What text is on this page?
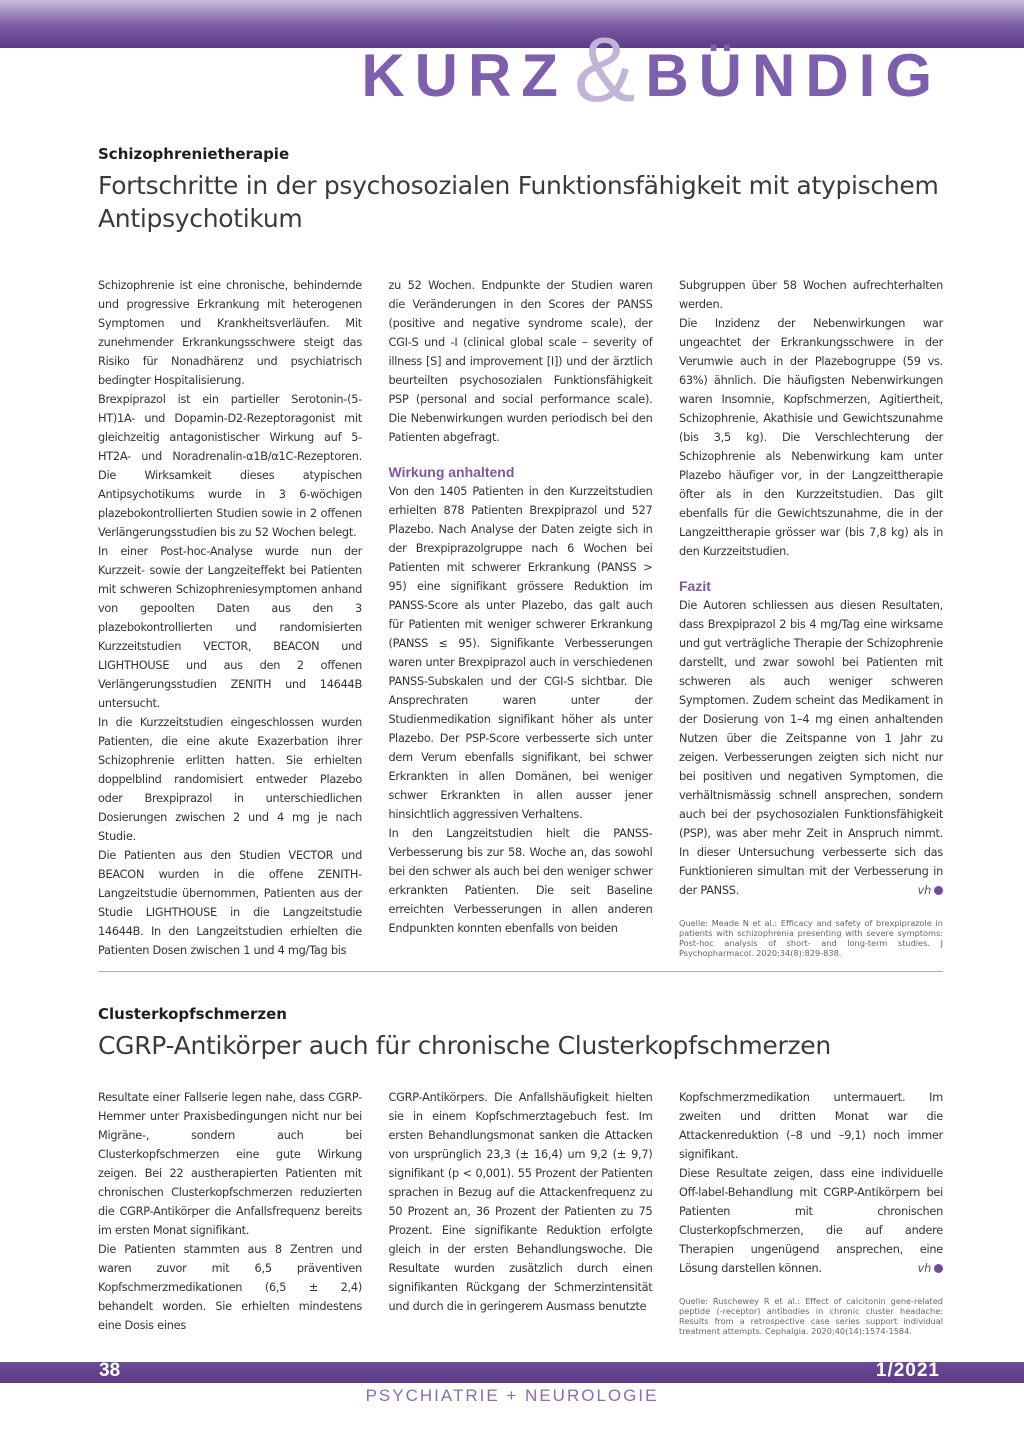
KURZ & BÜNDIG
Schizophrenietherapie
Fortschritte in der psychosozialen Funktionsfähigkeit mit atypischem Antipsychotikum

Schizophrenie ist eine chronische, behindernde und progressive Erkrankung mit heterogenen Symptomen und Krankheitsverläufen. Mit zunehmender Erkrankungsschwere steigt das Risiko für Nonadhärenz und psychiatrisch bedingter Hospitalisierung.

Brexpiprazol ist ein partieller Serotonin-(5-HT)1A- und Dopamin-D2-Rezeptoragonist mit gleichzeitig antagonistischer Wirkung auf 5-HT2A- und Noradrenalin-α1B/α1C-Rezeptoren. Die Wirksamkeit dieses atypischen Antipsychotikums wurde in 3 6-wöchigen plazebokontrollierten Studien sowie in 2 offenen Verlängerungsstudien bis zu 52 Wochen belegt.

In einer Post-hoc-Analyse wurde nun der Kurzzeit- sowie der Langzeiteffekt bei Patienten mit schweren Schizophreniesymptomen anhand von gepoolten Daten aus den 3 plazebokontrollierten und randomisierten Kurzzeitstudien VECTOR, BEACON und LIGHTHOUSE und aus den 2 offenen Verlängerungsstudien ZENITH und 14644B untersucht.

In die Kurzzeitstudien eingeschlossen wurden Patienten, die eine akute Exazerbation ihrer Schizophrenie erlitten hatten. Sie erhielten doppelblind randomisiert entweder Plazebo oder Brexpiprazol in unterschiedlichen Dosierungen zwischen 2 und 4 mg je nach Studie.

Die Patienten aus den Studien VECTOR und BEACON wurden in die offene ZENITH-Langzeitstudie übernommen, Patienten aus der Studie LIGHTHOUSE in die Langzeitstudie 14644B. In den Langzeitstudien erhielten die Patienten Dosen zwischen 1 und 4 mg/Tag bis

zu 52 Wochen. Endpunkte der Studien waren die Veränderungen in den Scores der PANSS (positive and negative syndrome scale), der CGI-S und -I (clinical global scale – severity of illness [S] and improvement [I]) und der ärztlich beurteilten psychosozialen Funktionsfähigkeit PSP (personal and social performance scale). Die Nebenwirkungen wurden periodisch bei den Patienten abgefragt.

Wirkung anhaltend

Von den 1405 Patienten in den Kurzzeitstudien erhielten 878 Patienten Brexpiprazol und 527 Plazebo. Nach Analyse der Daten zeigte sich in der Brexpiprazolgruppe nach 6 Wochen bei Patienten mit schwerer Erkrankung (PANSS > 95) eine signifikant grössere Reduktion im PANSS-Score als unter Plazebo, das galt auch für Patienten mit weniger schwerer Erkrankung (PANSS ≤ 95). Signifikante Verbesserungen waren unter Brexpiprazol auch in verschiedenen PANSS-Subskalen und der CGI-S sichtbar. Die Ansprechraten waren unter der Studienmedikation signifikant höher als unter Plazebo. Der PSP-Score verbesserte sich unter dem Verum ebenfalls signifikant, bei schwer Erkrankten in allen Domänen, bei weniger schwer Erkrankten in allen ausser jener hinsichtlich aggressiven Verhaltens.

In den Langzeitstudien hielt die PANSS-Verbesserung bis zur 58. Woche an, das sowohl bei den schwer als auch bei den weniger schwer erkrankten Patienten. Die seit Baseline erreichten Verbesserungen in allen anderen Endpunkten konnten ebenfalls von beiden

Subgruppen über 58 Wochen aufrechterhalten werden.

Die Inzidenz der Nebenwirkungen war ungeachtet der Erkrankungsschwere in der Verumwie auch in der Plazebogruppe (59 vs. 63%) ähnlich. Die häufigsten Nebenwirkungen waren Insomnie, Kopfschmerzen, Agitiertheit, Schizophrenie, Akathisie und Gewichtszunahme (bis 3,5 kg). Die Verschlechterung der Schizophrenie als Nebenwirkung kam unter Plazebo häufiger vor, in der Langzeittherapie öfter als in den Kurzzeitstudien. Das gilt ebenfalls für die Gewichtszunahme, die in der Langzeittherapie grösser war (bis 7,8 kg) als in den Kurzzeitstudien.

Fazit

Die Autoren schliessen aus diesen Resultaten, dass Brexpiprazol 2 bis 4 mg/Tag eine wirksame und gut verträgliche Therapie der Schizophrenie darstellt, und zwar sowohl bei Patienten mit schweren als auch weniger schweren Symptomen. Zudem scheint das Medikament in der Dosierung von 1–4 mg einen anhaltenden Nutzen über die Zeitspanne von 1 Jahr zu zeigen. Verbesserungen zeigten sich nicht nur bei positiven und negativen Symptomen, die verhältnismässig schnell ansprechen, sondern auch bei der psychosozialen Funktionsfähigkeit (PSP), was aber mehr Zeit in Anspruch nimmt. In dieser Untersuchung verbesserte sich das Funktionieren simultan mit der Verbesserung in der PANSS.	vh

Quelle: Meade N et al.: Efficacy and safety of brexpiprazole in patients with schizophrenia presenting with severe symptoms: Post-hoc analysis of short- and long-term studies. J Psychopharmacol. 2020;34(8):829-838.
Clusterkopfschmerzen
CGRP-Antikörper auch für chronische Clusterkopfschmerzen

Resultate einer Fallserie legen nahe, dass CGRP-Hemmer unter Praxisbedingungen nicht nur bei Migräne-, sondern auch bei Clusterkopfschmerzen eine gute Wirkung zeigen. Bei 22 austherapierten Patienten mit chronischen Clusterkopfschmerzen reduzierten die CGRP-Antikörper die Anfallsfrequenz bereits im ersten Monat signifikant.

Die Patienten stammten aus 8 Zentren und waren zuvor mit 6,5 präventiven Kopfschmerzmedikationen (6,5 ± 2,4) behandelt worden. Sie erhielten mindestens eine Dosis eines

CGRP-Antikörpers. Die Anfallshäufigkeit hielten sie in einem Kopfschmerztagebuch fest. Im ersten Behandlungsmonat sanken die Attacken von ursprünglich 23,3 (± 16,4) um 9,2 (± 9,7) signifikant (p < 0,001). 55 Prozent der Patienten sprachen in Bezug auf die Attackenfrequenz zu 50 Prozent an, 36 Prozent der Patienten zu 75 Prozent. Eine signifikante Reduktion erfolgte gleich in der ersten Behandlungswoche. Die Resultate wurden zusätzlich durch einen signifikanten Rückgang der Schmerzintensität und durch die in geringerem Ausmass benutzte

Kopfschmerzmedikation untermauert. Im zweiten und dritten Monat war die Attackenreduktion (–8 und –9,1) noch immer signifikant.

Diese Resultate zeigen, dass eine individuelle Off-label-Behandlung mit CGRP-Antikörpern bei Patienten mit chronischen Clusterkopfschmerzen, die auf andere Therapien ungenügend ansprechen, eine Lösung darstellen können.	vh

Quelle: Ruschewey R et al.: Effect of calcitonin gene-related peptide (-receptor) antibodies in chronic cluster headache: Results from a retrospective case series support individual treatment attempts. Cephalgia. 2020;40(14):1574-1584.
38	1/2021
PSYCHIATRIE + NEUROLOGIE
